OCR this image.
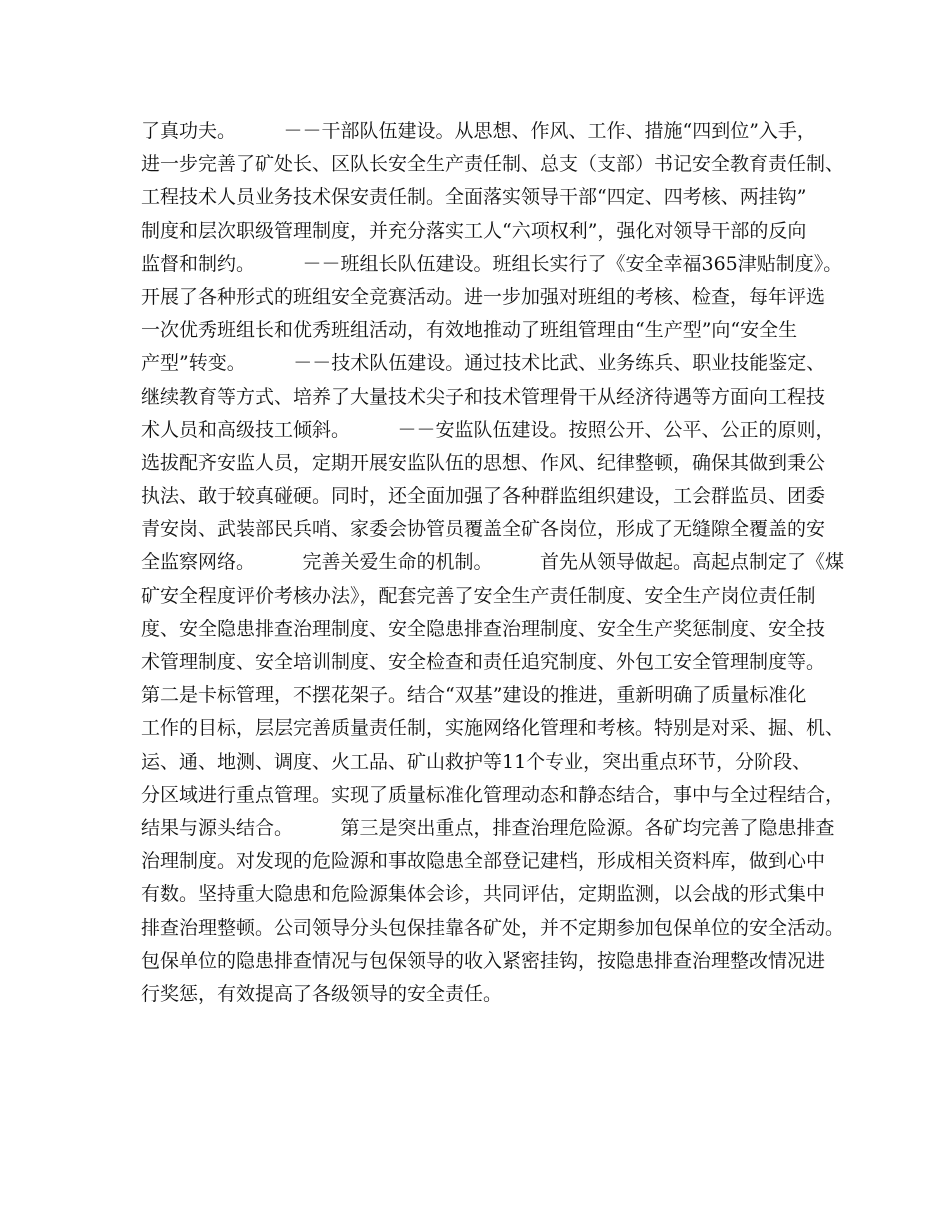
了真功夫。　　　－－干部队伍建设。从思想、作风、工作、措施“四到位”入手，
进一步完善了矿处长、区队长安全生产责任制、总支（支部）书记安全教育责任制、
工程技术人员业务技术保安责任制。全面落实领导干部“四定、四考核、两挂钩”
制度和层次职级管理制度，并充分落实工人“六项权利”，强化对领导干部的反向
监督和制约。　　　－－班组长队伍建设。班组长实行了《安全幸福365津贴制度》。
开展了各种形式的班组安全竞赛活动。进一步加强对班组的考核、检查，每年评选
一次优秀班组长和优秀班组活动，有效地推动了班组管理由“生产型”向“安全生
产型”转变。　　　－－技术队伍建设。通过技术比武、业务练兵、职业技能鉴定、
继续教育等方式、培养了大量技术尖子和技术管理骨干从经济待遇等方面向工程技
术人员和高级技工倾斜。　　　－－安监队伍建设。按照公开、公平、公正的原则，
选拔配齐安监人员，定期开展安监队伍的思想、作风、纪律整顿，确保其做到秉公
执法、敢于较真碰硬。同时，还全面加强了各种群监组织建设，工会群监员、团委
青安岗、武装部民兵哨、家委会协管员覆盖全矿各岗位，形成了无缝隙全覆盖的安
全监察网络。　　　完善关爱生命的机制。　　　首先从领导做起。高起点制定了《煤
矿安全程度评价考核办法》，配套完善了安全生产责任制度、安全生产岗位责任制
度、安全隐患排查治理制度、安全隐患排查治理制度、安全生产奖惩制度、安全技
术管理制度、安全培训制度、安全检查和责任追究制度、外包工安全管理制度等。
第二是卡标管理，不摆花架子。结合“双基”建设的推进，重新明确了质量标准化
工作的目标，层层完善质量责任制，实施网络化管理和考核。特别是对采、掘、机、
运、通、地测、调度、火工品、矿山救护等11个专业，突出重点环节，分阶段、
分区域进行重点管理。实现了质量标准化管理动态和静态结合，事中与全过程结合，
结果与源头结合。　　　第三是突出重点，排查治理危险源。各矿均完善了隐患排查
治理制度。对发现的危险源和事故隐患全部登记建档，形成相关资料库，做到心中
有数。坚持重大隐患和危险源集体会诊，共同评估，定期监测，以会战的形式集中
排查治理整顿。公司领导分头包保挂靠各矿处，并不定期参加包保单位的安全活动。
包保单位的隐患排查情况与包保领导的收入紧密挂钩，按隐患排查治理整改情况进
行奖惩，有效提高了各级领导的安全责任。
